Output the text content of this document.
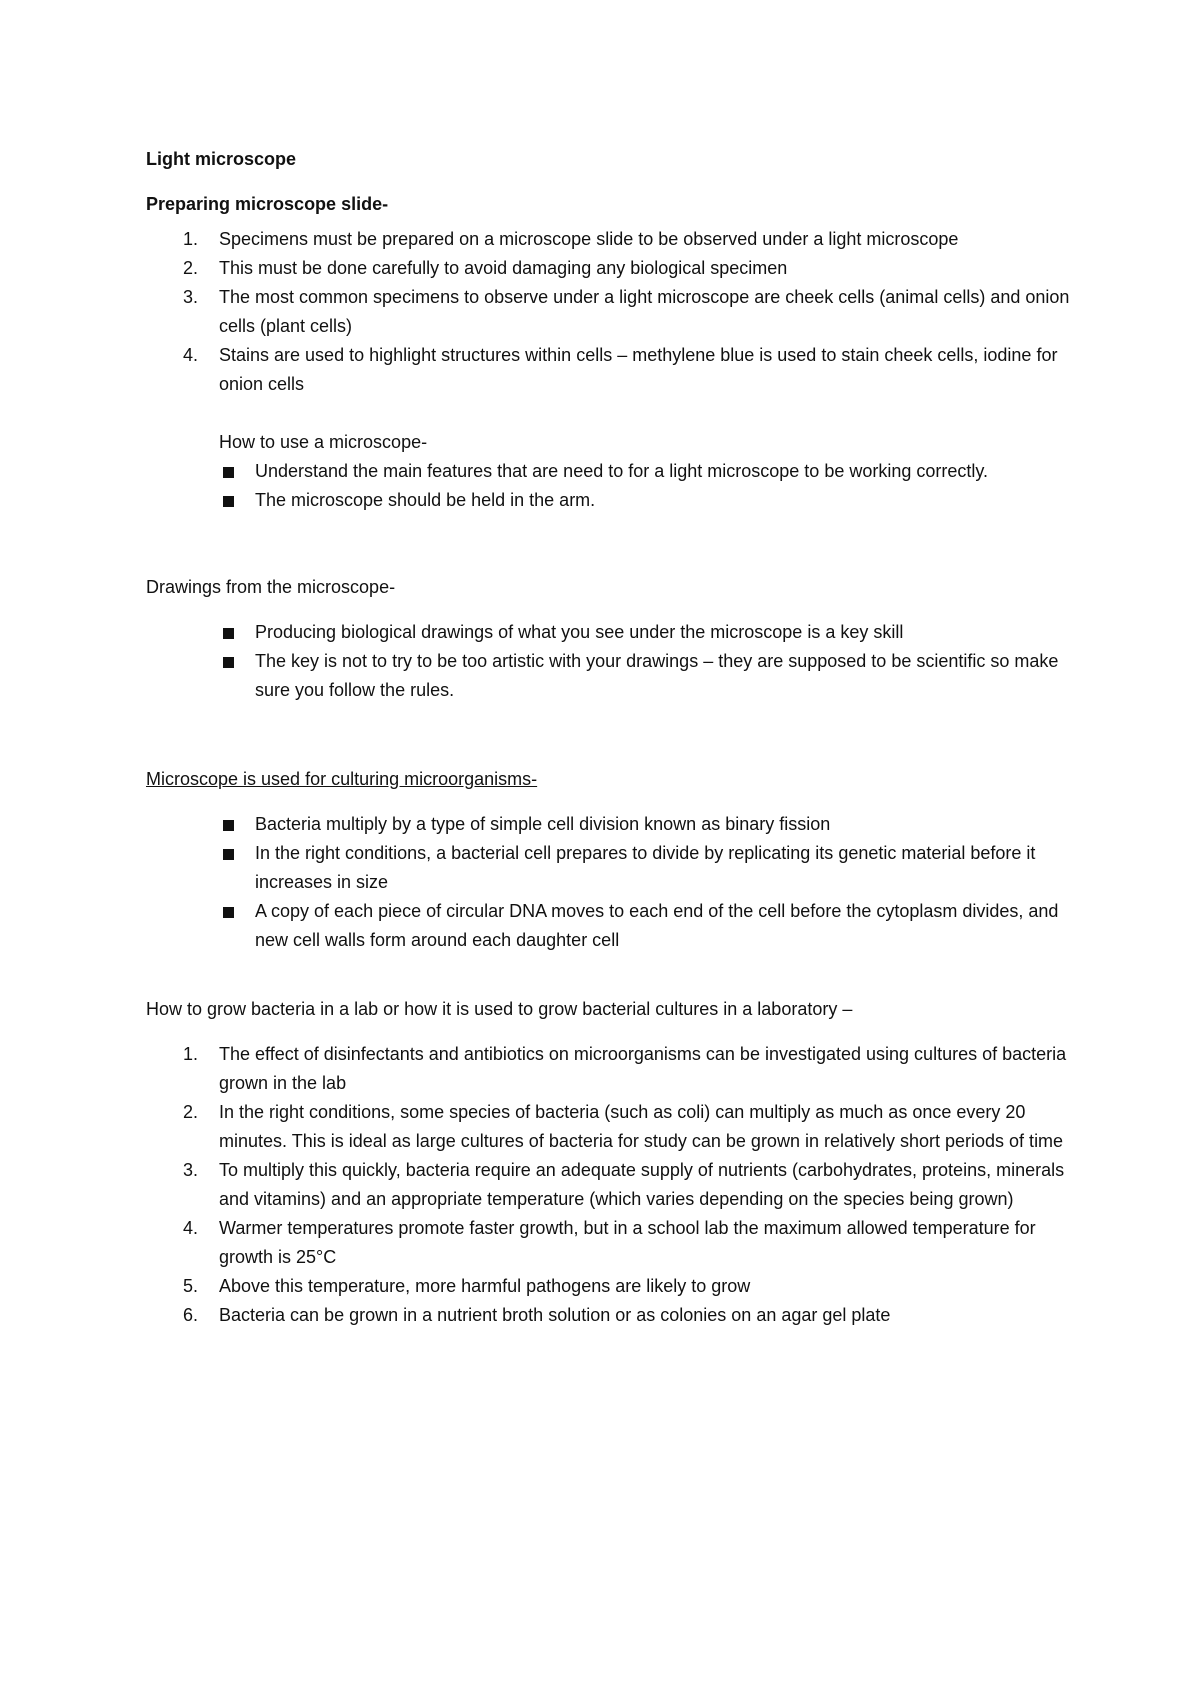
Light microscope

Preparing microscope slide-

1. Specimens must be prepared on a microscope slide to be observed under a light microscope
2. This must be done carefully to avoid damaging any biological specimen
3. The most common specimens to observe under a light microscope are cheek cells (animal cells) and onion cells (plant cells)
4. Stains are used to highlight structures within cells – methylene blue is used to stain cheek cells, iodine for onion cells

How to use a microscope-

Understand the main features that are need to for a light microscope to be working correctly.
The microscope should be held in the arm.

Drawings from the microscope-

Producing biological drawings of what you see under the microscope is a key skill
The key is not to try to be too artistic with your drawings – they are supposed to be scientific so make sure you follow the rules.

Microscope is used for culturing microorganisms-

Bacteria multiply by a type of simple cell division known as binary fission
In the right conditions, a bacterial cell prepares to divide by replicating its genetic material before it increases in size
A copy of each piece of circular DNA moves to each end of the cell before the cytoplasm divides, and new cell walls form around each daughter cell

How to grow bacteria in a lab or how it is used to grow bacterial cultures in a laboratory –

1. The effect of disinfectants and antibiotics on microorganisms can be investigated using cultures of bacteria grown in the lab
2. In the right conditions, some species of bacteria (such as coli) can multiply as much as once every 20 minutes. This is ideal as large cultures of bacteria for study can be grown in relatively short periods of time
3. To multiply this quickly, bacteria require an adequate supply of nutrients (carbohydrates, proteins, minerals and vitamins) and an appropriate temperature (which varies depending on the species being grown)
4. Warmer temperatures promote faster growth, but in a school lab the maximum allowed temperature for growth is 25°C
5. Above this temperature, more harmful pathogens are likely to grow
6. Bacteria can be grown in a nutrient broth solution or as colonies on an agar gel plate
